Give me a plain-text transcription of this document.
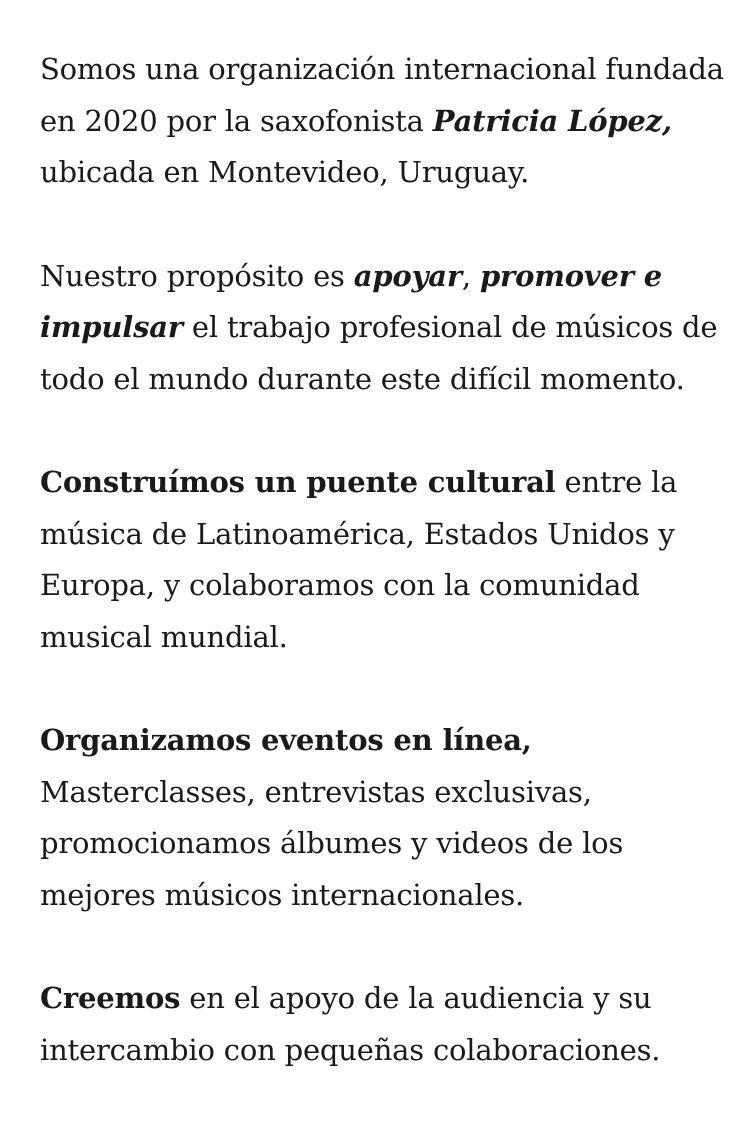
Somos una organización internacional fundada en 2020 por la saxofonista Patricia López, ubicada en Montevideo, Uruguay.

Nuestro propósito es apoyar, promover e impulsar el trabajo profesional de músicos de todo el mundo durante este difícil momento.

Construímos un puente cultural entre la música de Latinoamérica, Estados Unidos y Europa, y colaboramos con la comunidad musical mundial.

Organizamos eventos en línea,
Masterclasses, entrevistas exclusivas, promocionamos álbumes y videos de los mejores músicos internacionales.

Creemos en el apoyo de la audiencia y su intercambio con pequeñas colaboraciones.
